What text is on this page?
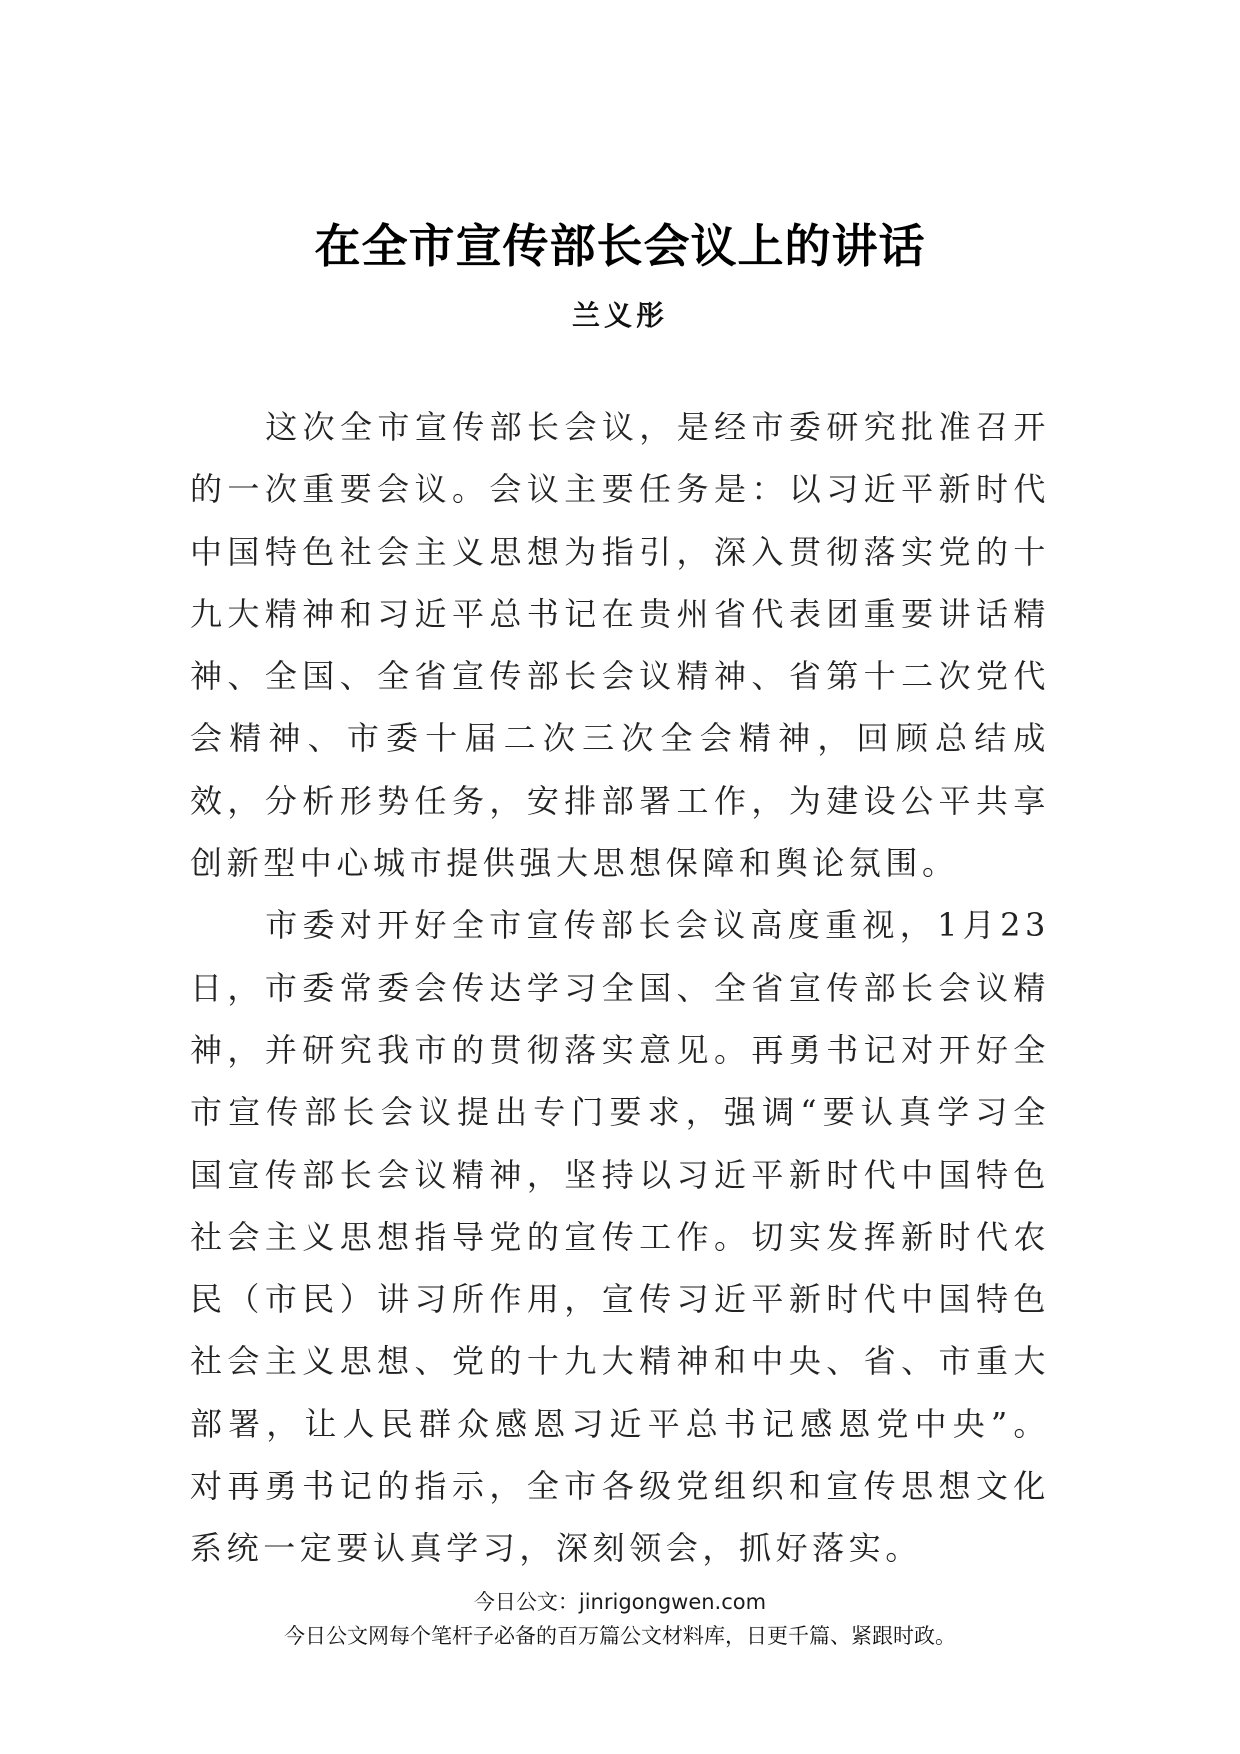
在全市宣传部长会议上的讲话
兰义彤

这次全市宣传部长会议，是经市委研究批准召开的一次重要会议。会议主要任务是：以习近平新时代中国特色社会主义思想为指引，深入贯彻落实党的十九大精神和习近平总书记在贵州省代表团重要讲话精神、全国、全省宣传部长会议精神、省第十二次党代会精神、市委十届二次三次全会精神，回顾总结成效，分析形势任务，安排部署工作，为建设公平共享创新型中心城市提供强大思想保障和舆论氛围。

市委对开好全市宣传部长会议高度重视，1月23日，市委常委会传达学习全国、全省宣传部长会议精神，并研究我市的贯彻落实意见。再勇书记对开好全市宣传部长会议提出专门要求，强调“要认真学习全国宣传部长会议精神，坚持以习近平新时代中国特色社会主义思想指导党的宣传工作。切实发挥新时代农民（市民）讲习所作用，宣传习近平新时代中国特色社会主义思想、党的十九大精神和中央、省、市重大部署，让人民群众感恩习近平总书记感恩党中央”。对再勇书记的指示，全市各级党组织和宣传思想文化系统一定要认真学习，深刻领会，抓好落实。

今日公文：jinrigongwen.com
今日公文网每个笔杆子必备的百万篇公文材料库，日更千篇、紧跟时政。
